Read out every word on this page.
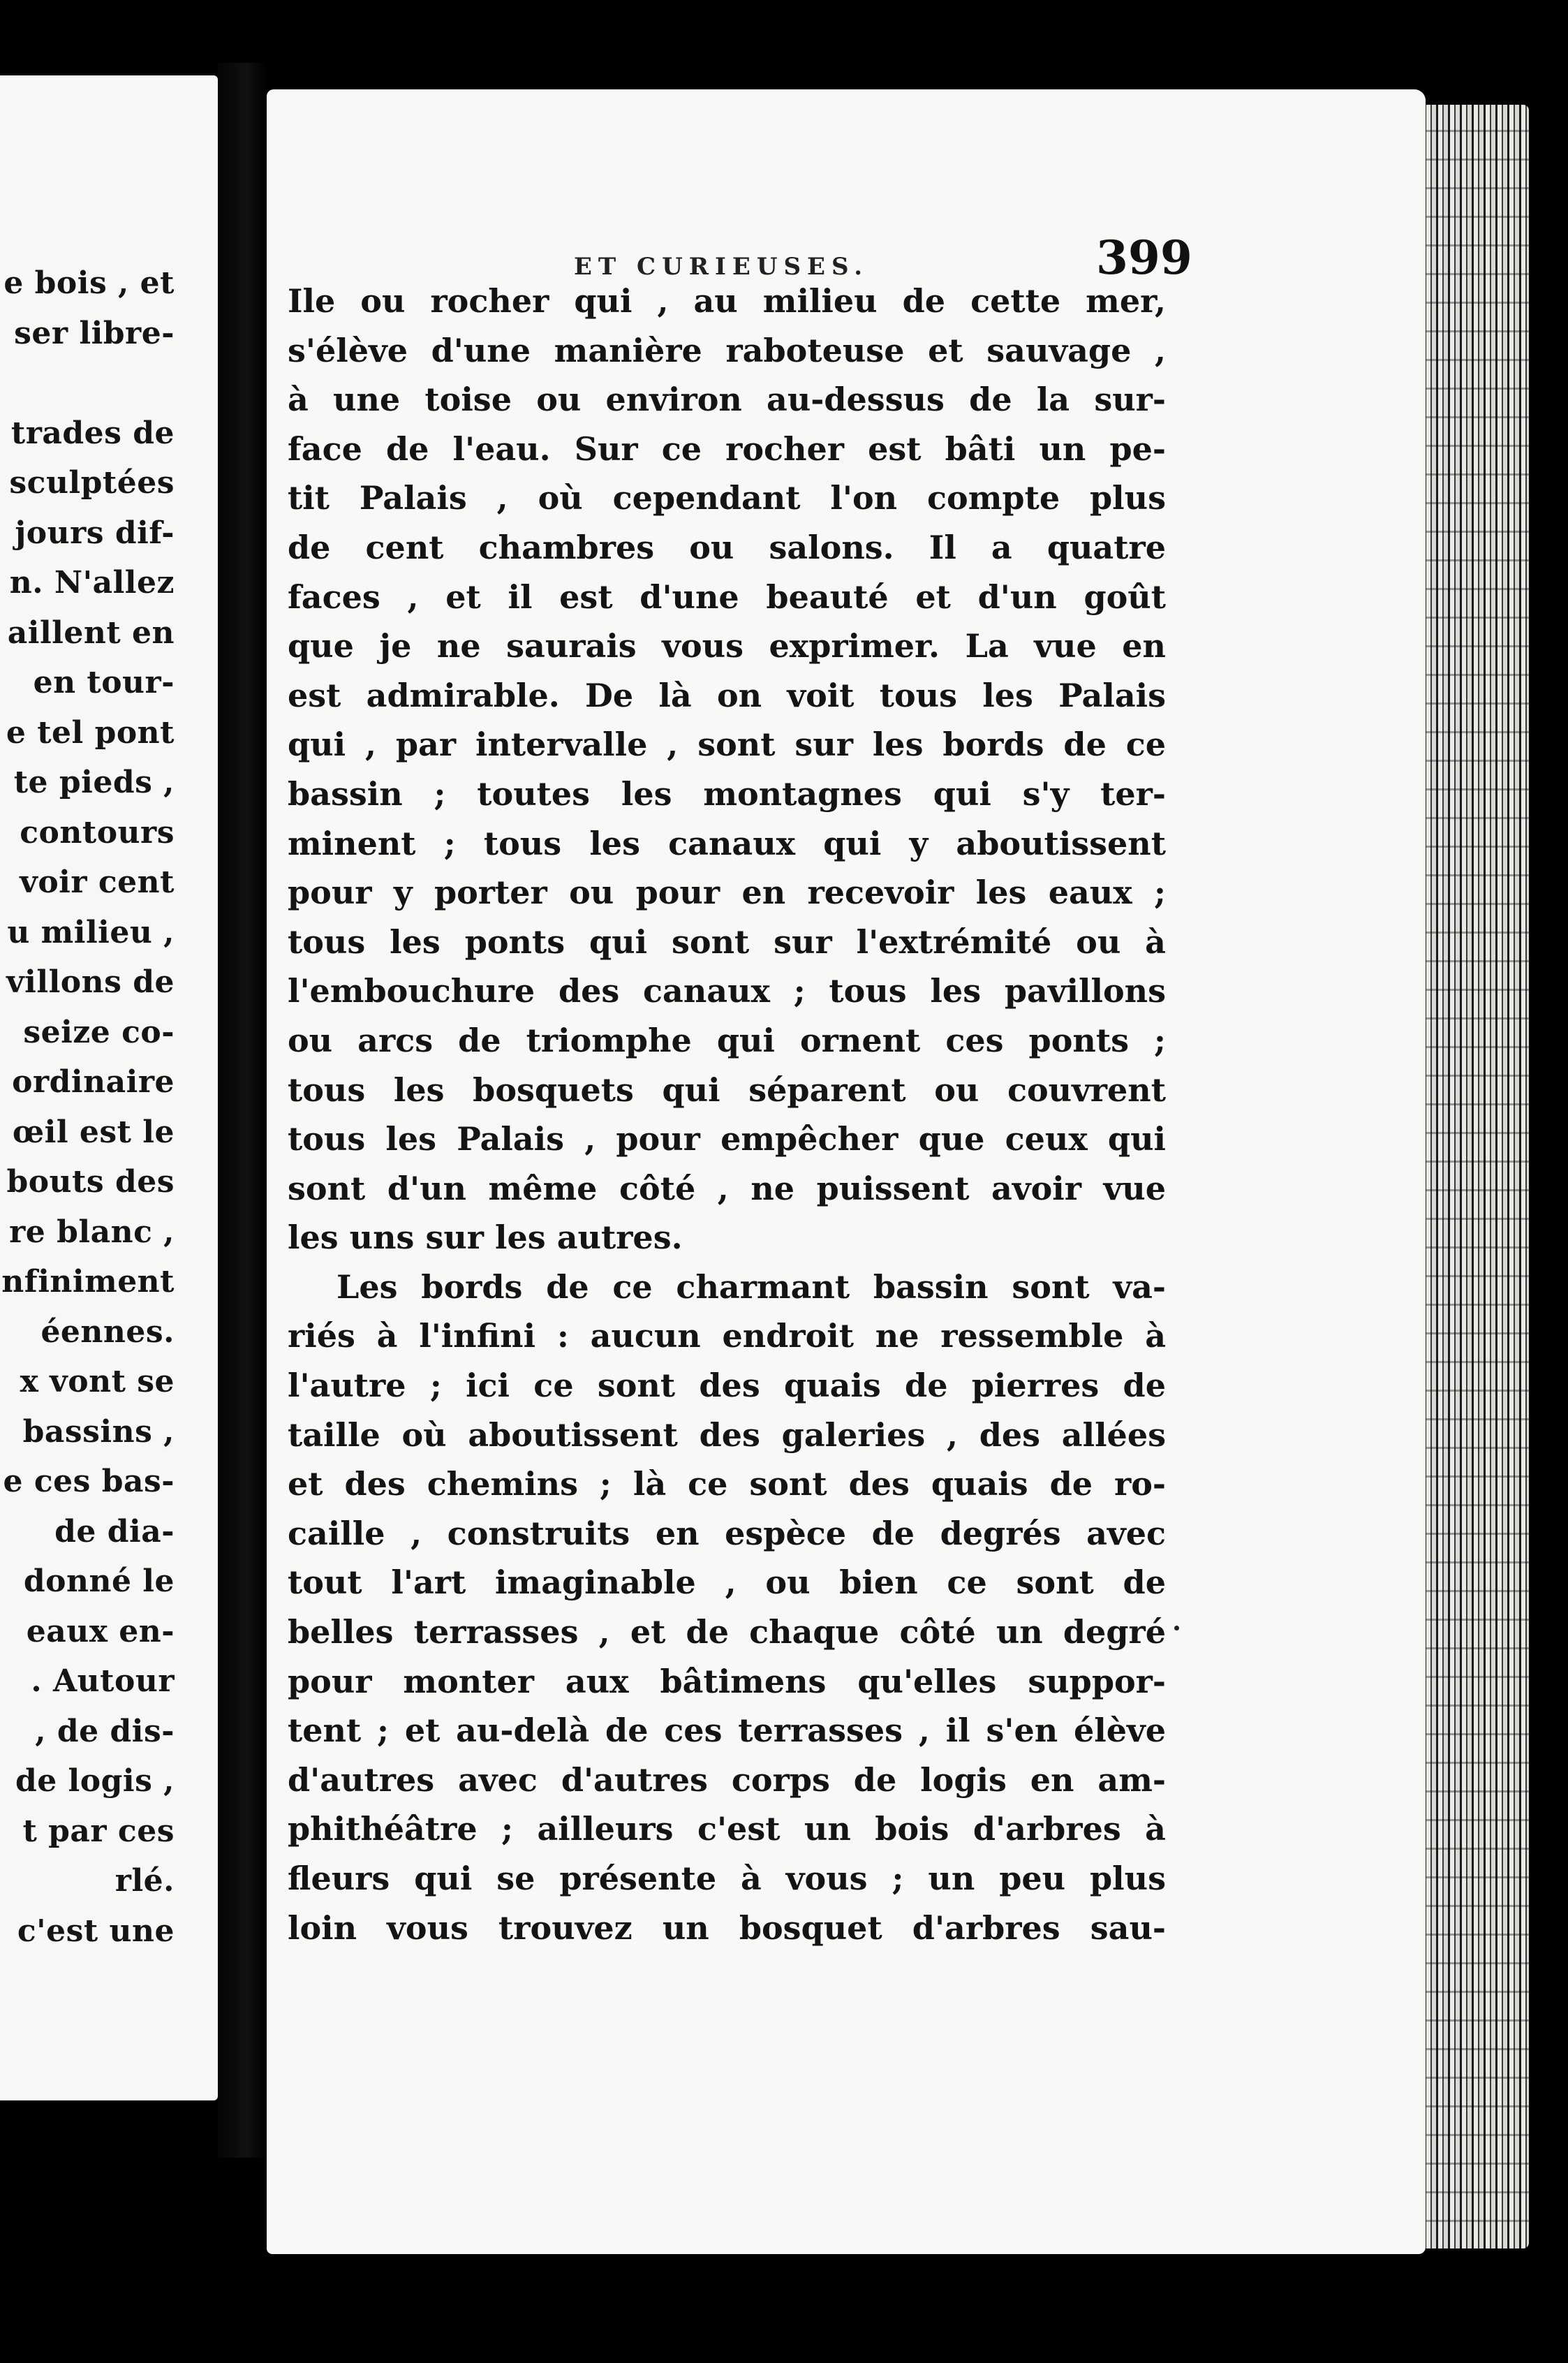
e bois , et
ser libre-

trades de
sculptées
jours dif-
n. N'allez
aillent en
en tour-
e tel pont
te pieds ,
contours
voir cent
u milieu ,
villons de
seize co-
ordinaire
œil est le
bouts des
re blanc ,
nfiniment
éennes.
x vont se
bassins ,
e ces bas-
de dia-
donné le
eaux en-
. Autour
, de dis-
de logis ,
t par ces
rlé.
c'est une
ET CURIEUSES.	399
Ile ou rocher qui , au milieu de cette mer,
s'élève d'une manière raboteuse et sauvage ,
à une toise ou environ au-dessus de la sur-
face de l'eau. Sur ce rocher est bâti un pe-
tit Palais , où cependant l'on compte plus
de cent chambres ou salons. Il a quatre
faces , et il est d'une beauté et d'un goût
que je ne saurais vous exprimer. La vue en
est admirable. De là on voit tous les Palais
qui , par intervalle , sont sur les bords de ce
bassin ; toutes les montagnes qui s'y ter-
minent ; tous les canaux qui y aboutissent
pour y porter ou pour en recevoir les eaux ;
tous les ponts qui sont sur l'extrémité ou à
l'embouchure des canaux ; tous les pavillons
ou arcs de triomphe qui ornent ces ponts ;
tous les bosquets qui séparent ou couvrent
tous les Palais , pour empêcher que ceux qui
sont d'un même côté , ne puissent avoir vue
les uns sur les autres.
Les bords de ce charmant bassin sont va-
riés à l'infini : aucun endroit ne ressemble à
l'autre ; ici ce sont des quais de pierres de
taille où aboutissent des galeries , des allées
et des chemins ; là ce sont des quais de ro-
caille , construits en espèce de degrés avec
tout l'art imaginable , ou bien ce sont de
belles terrasses , et de chaque côté un degré
pour monter aux bâtimens qu'elles suppor-
tent ; et au-delà de ces terrasses , il s'en élève
d'autres avec d'autres corps de logis en am-
phithéâtre ; ailleurs c'est un bois d'arbres à
fleurs qui se présente à vous ; un peu plus
loin vous trouvez un bosquet d'arbres sau-
